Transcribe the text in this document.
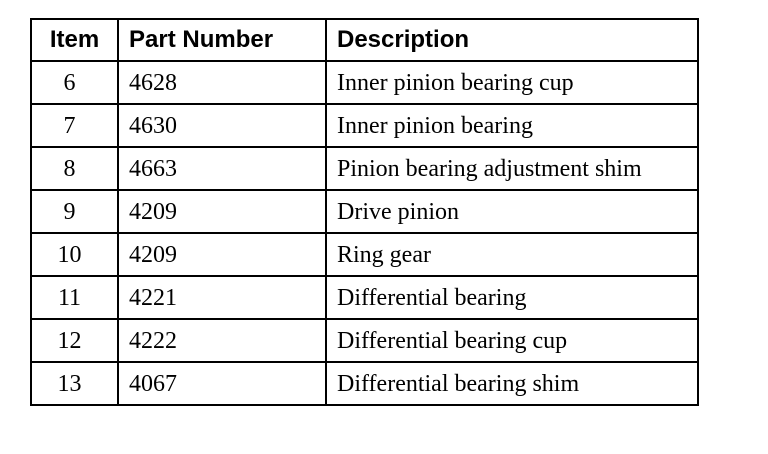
Item	Part Number	Description
6	4628	Inner pinion bearing cup
7	4630	Inner pinion bearing
8	4663	Pinion bearing adjustment shim
9	4209	Drive pinion
10	4209	Ring gear
11	4221	Differential bearing
12	4222	Differential bearing cup
13	4067	Differential bearing shim
